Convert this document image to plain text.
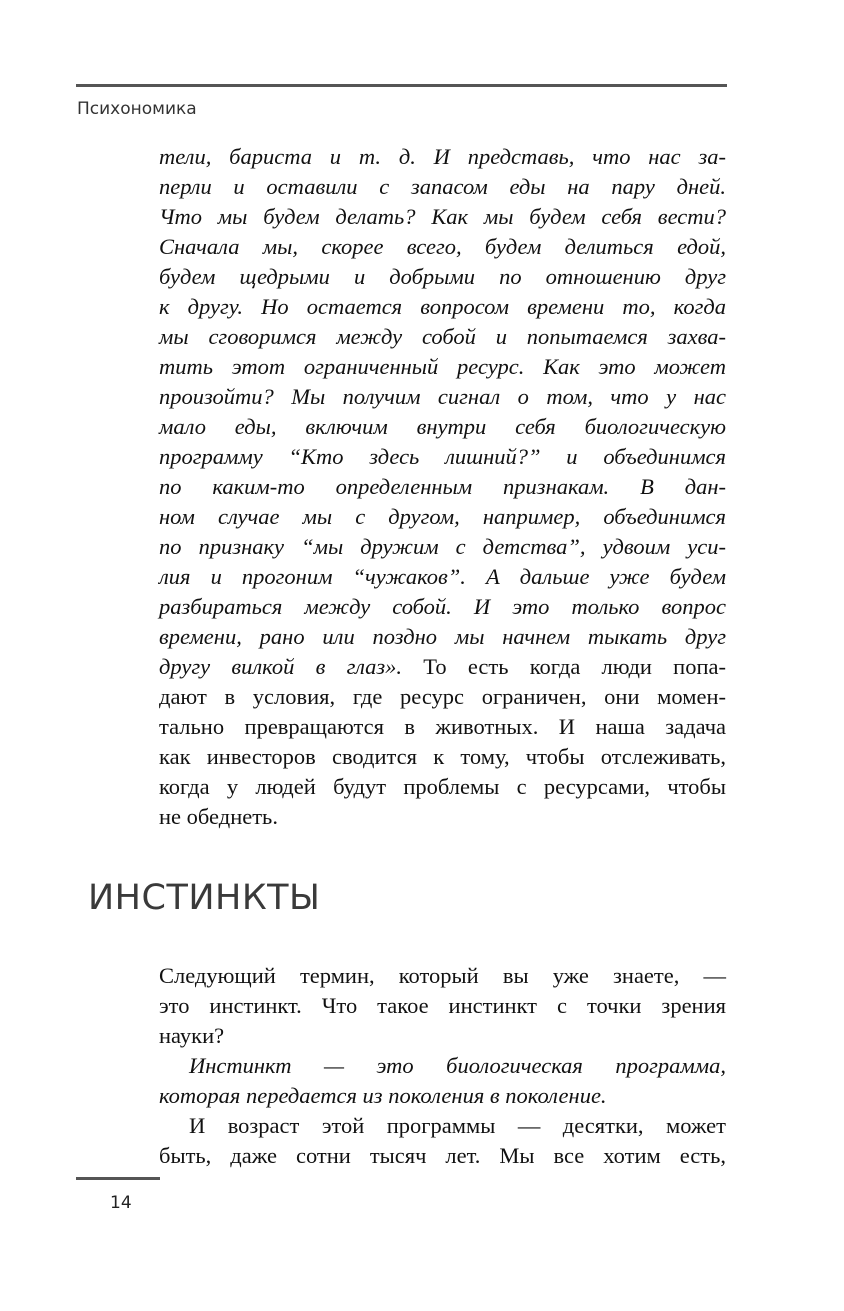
Психономика
тели, бариста и т. д. И представь, что нас за-
перли и оставили с запасом еды на пару дней.
Что мы будем делать? Как мы будем себя вести?
Сначала мы, скорее всего, будем делиться едой,
будем щедрыми и добрыми по отношению друг
к другу. Но остается вопросом времени то, когда
мы сговоримся между собой и попытаемся захва-
тить этот ограниченный ресурс. Как это может
произойти? Мы получим сигнал о том, что у нас
мало еды, включим внутри себя биологическую
программу “Кто здесь лишний?” и объединимся
по каким-то определенным признакам. В дан-
ном случае мы с другом, например, объединимся
по признаку “мы дружим с детства”, удвоим уси-
лия и прогоним “чужаков”. А дальше уже будем
разбираться между собой. И это только вопрос
времени, рано или поздно мы начнем тыкать друг
другу вилкой в глаз». То есть когда люди попа-
дают в условия, где ресурс ограничен, они момен-
тально превращаются в животных. И наша задача
как инвесторов сводится к тому, чтобы отслеживать,
когда у людей будут проблемы с ресурсами, чтобы
не обеднеть.
ИНСТИНКТЫ
Следующий термин, который вы уже знаете, —
это инстинкт. Что такое инстинкт с точки зрения
науки?
Инстинкт — это биологическая программа,
которая передается из поколения в поколение.
И возраст этой программы — десятки, может
быть, даже сотни тысяч лет. Мы все хотим есть,
14
